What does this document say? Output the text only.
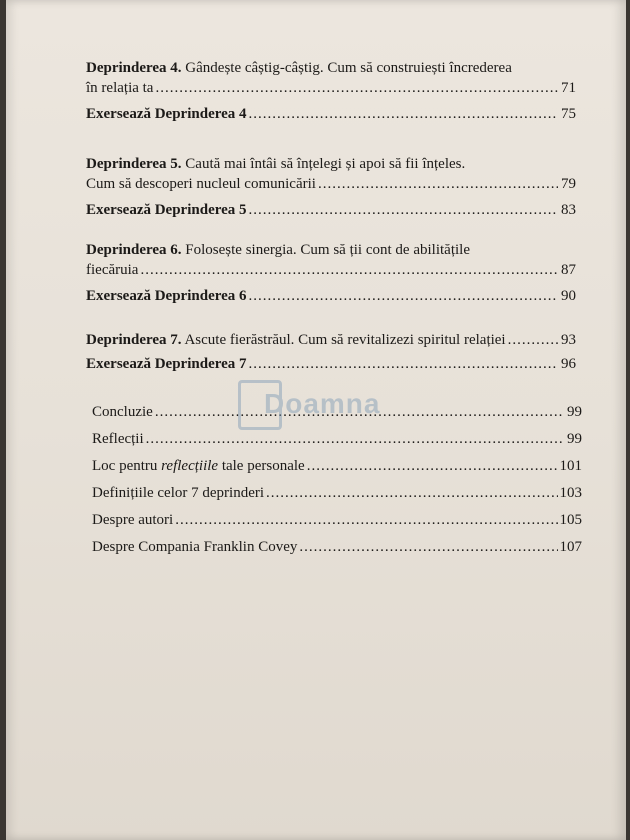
Deprinderea 4. Gândește câștig-câștig. Cum să construiești încrederea
în relația ta .....	71
Exersează Deprinderea 4 .....	75
Deprinderea 5. Caută mai întâi să înțelegi și apoi să fii înțeles.
Cum să descoperi nucleul comunicării .....	79
Exersează Deprinderea 5 .....	83
Deprinderea 6. Folosește sinergia. Cum să ții cont de abilitățile
fiecăruia .....	87
Exersează Deprinderea 6 .....	90
Deprinderea 7. Ascute fierăstrăul. Cum să revitalizezi spiritul relației .....	93
Exersează Deprinderea 7 .....	96
Concluzie .....	99
Reflecții .....	99
Loc pentru reflecțiile tale personale .....	101
Definițiile celor 7 deprinderi .....	103
Despre autori .....	105
Despre Compania Franklin Covey .....	107
Doamna
